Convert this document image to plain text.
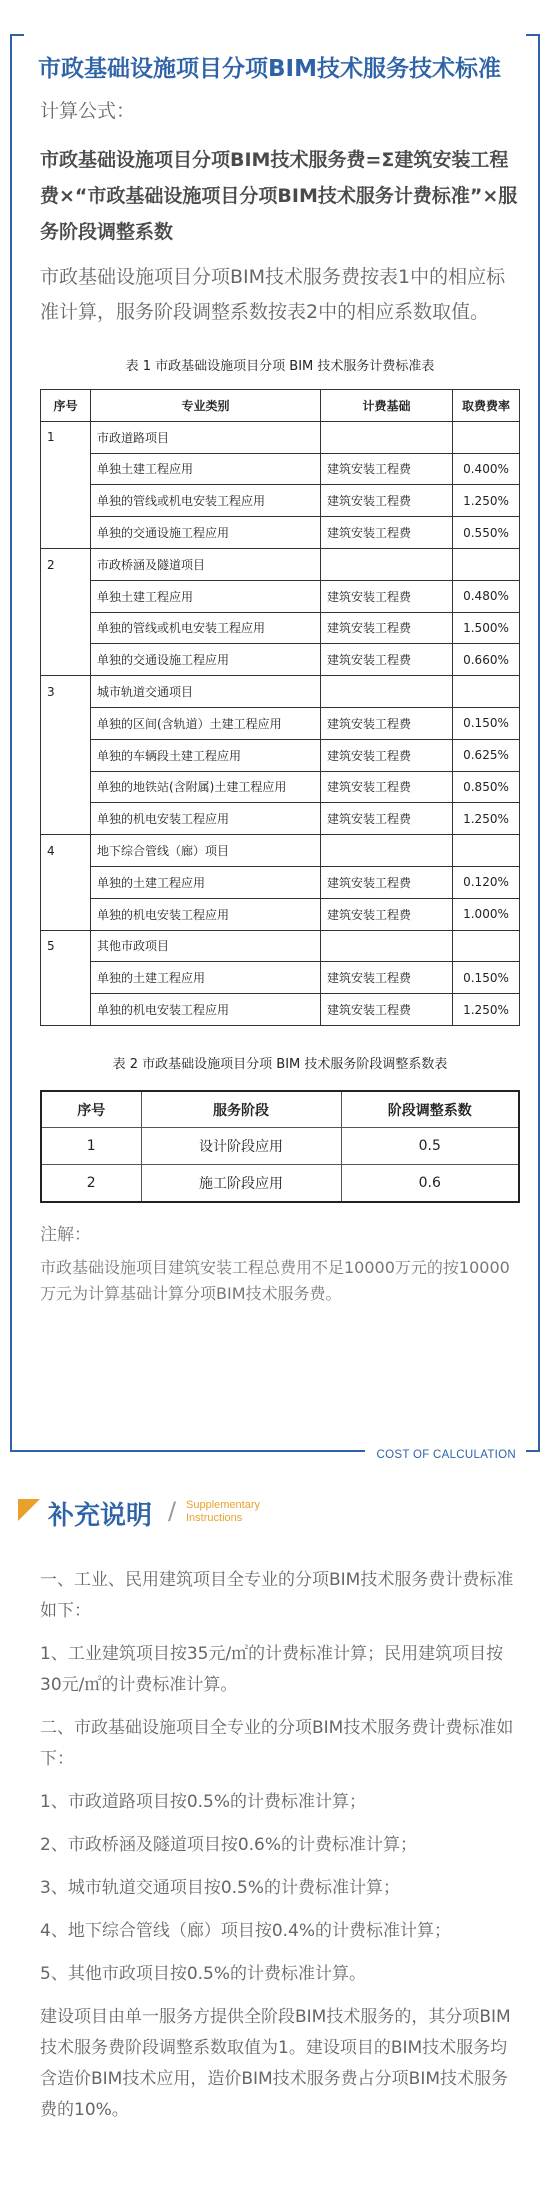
市政基础设施项目分项BIM技术服务技术标准
计算公式：
市政基础设施项目分项BIM技术服务费=Σ建筑安装工程费×“市政基础设施项目分项BIM技术服务计费标准”×服务阶段调整系数
市政基础设施项目分项BIM技术服务费按表1中的相应标准计算，服务阶段调整系数按表2中的相应系数取值。
表 1 市政基础设施项目分项 BIM 技术服务计费标准表
序号	专业类别	计费基础	取费费率
1	市政道路项目		
	单独土建工程应用	建筑安装工程费	0.400%
	单独的管线或机电安装工程应用	建筑安装工程费	1.250%
	单独的交通设施工程应用	建筑安装工程费	0.550%
2	市政桥涵及隧道项目		
	单独土建工程应用	建筑安装工程费	0.480%
	单独的管线或机电安装工程应用	建筑安装工程费	1.500%
	单独的交通设施工程应用	建筑安装工程费	0.660%
3	城市轨道交通项目		
	单独的区间(含轨道）土建工程应用	建筑安装工程费	0.150%
	单独的车辆段土建工程应用	建筑安装工程费	0.625%
	单独的地铁站(含附属)土建工程应用	建筑安装工程费	0.850%
	单独的机电安装工程应用	建筑安装工程费	1.250%
4	地下综合管线（廊）项目		
	单独的土建工程应用	建筑安装工程费	0.120%
	单独的机电安装工程应用	建筑安装工程费	1.000%
5	其他市政项目		
	单独的土建工程应用	建筑安装工程费	0.150%
	单独的机电安装工程应用	建筑安装工程费	1.250%
表 2 市政基础设施项目分项 BIM 技术服务阶段调整系数表
序号	服务阶段	阶段调整系数
1	设计阶段应用	0.5
2	施工阶段应用	0.6
注解：
市政基础设施项目建筑安装工程总费用不足10000万元的按10000万元为计算基础计算分项BIM技术服务费。
COST OF CALCULATION
补充说明 / Supplementary
Instructions

一、工业、民用建筑项目全专业的分项BIM技术服务费计费标准如下：

1、工业建筑项目按35元/㎡的计费标准计算；民用建筑项目按30元/㎡的计费标准计算。

二、市政基础设施项目全专业的分项BIM技术服务费计费标准如下：

1、市政道路项目按0.5%的计费标准计算；

2、市政桥涵及隧道项目按0.6%的计费标准计算；

3、城市轨道交通项目按0.5%的计费标准计算；

4、地下综合管线（廊）项目按0.4%的计费标准计算；

5、其他市政项目按0.5%的计费标准计算。

建设项目由单一服务方提供全阶段BIM技术服务的，其分项BIM技术服务费阶段调整系数取值为1。建设项目的BIM技术服务均含造价BIM技术应用，造价BIM技术服务费占分项BIM技术服务费的10%。
